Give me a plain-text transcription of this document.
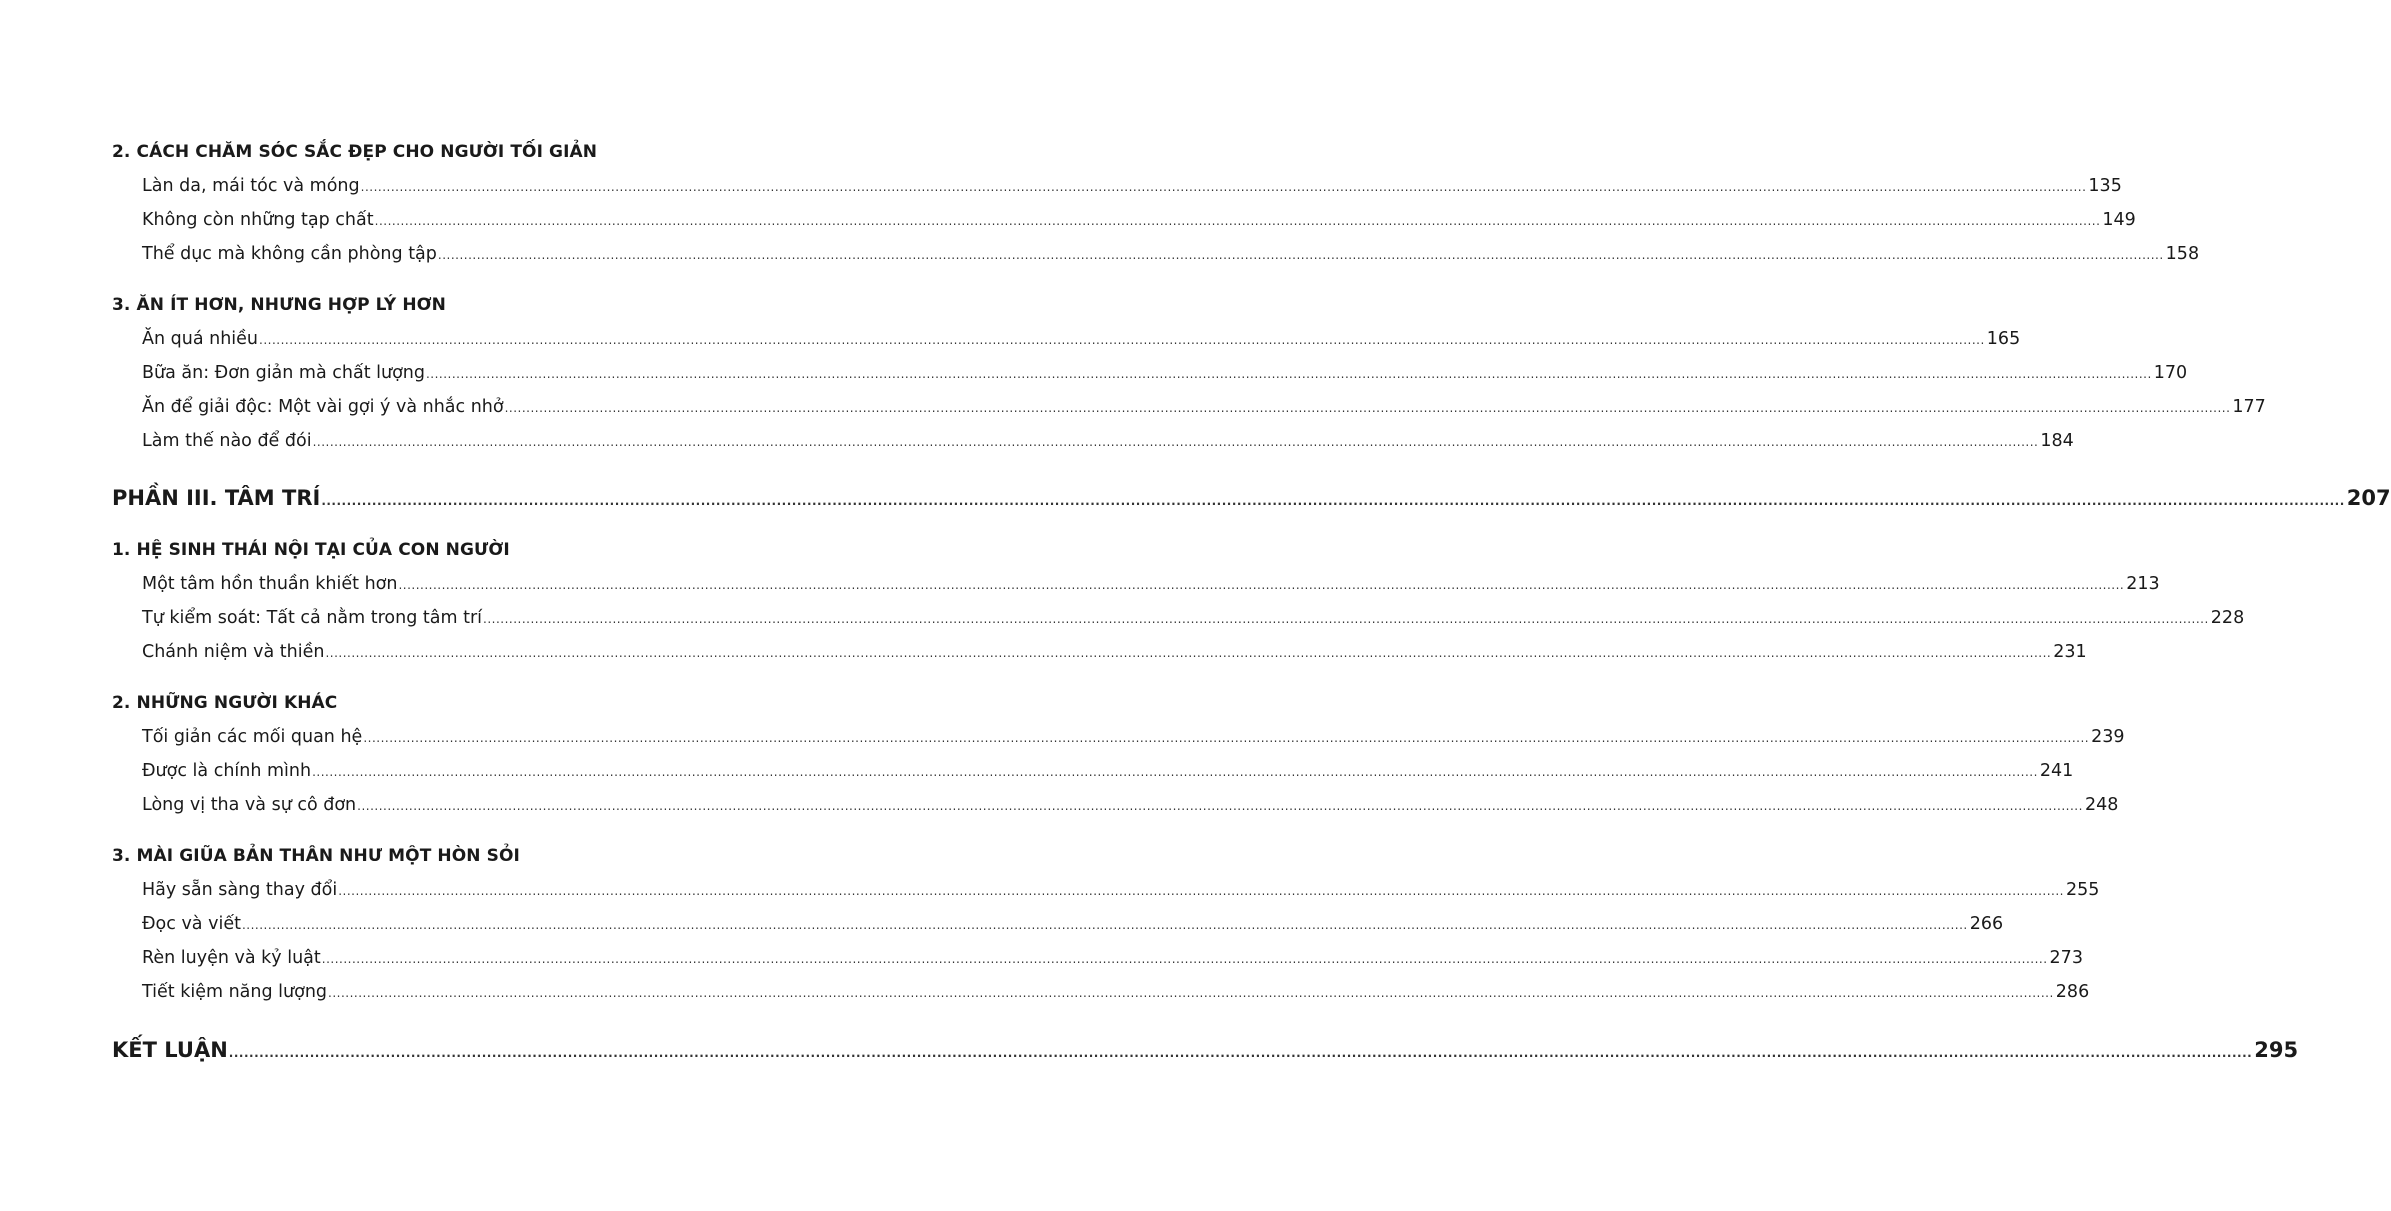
2. CÁCH CHĂM SÓC SẮC ĐẸP CHO NGƯỜI TỐI GIẢN
Làn da, mái tóc và móng ................................................................................................................................................................................................................................................................................................................................................................................................................ 135
Không còn những tạp chất ................................................................................................................................................................................................................................................................................................................................................................................................................ 149
Thể dục mà không cần phòng tập ................................................................................................................................................................................................................................................................................................................................................................................................................ 158
3. ĂN ÍT HƠN, NHƯNG HỢP LÝ HƠN
Ăn quá nhiều ................................................................................................................................................................................................................................................................................................................................................................................................................ 165
Bữa ăn: Đơn giản mà chất lượng ................................................................................................................................................................................................................................................................................................................................................................................................................ 170
Ăn để giải độc: Một vài gợi ý và nhắc nhở ................................................................................................................................................................................................................................................................................................................................................................................................................ 177
Làm thế nào để đói ................................................................................................................................................................................................................................................................................................................................................................................................................ 184
PHẦN III. TÂM TRÍ ................................................................................................................................................................................................................................................................................................................................................................................................................ 207
1. HỆ SINH THÁI NỘI TẠI CỦA CON NGƯỜI
Một tâm hồn thuần khiết hơn ................................................................................................................................................................................................................................................................................................................................................................................................................ 213
Tự kiểm soát: Tất cả nằm trong tâm trí ................................................................................................................................................................................................................................................................................................................................................................................................................ 228
Chánh niệm và thiền ................................................................................................................................................................................................................................................................................................................................................................................................................ 231
2. NHỮNG NGƯỜI KHÁC
Tối giản các mối quan hệ ................................................................................................................................................................................................................................................................................................................................................................................................................ 239
Được là chính mình ................................................................................................................................................................................................................................................................................................................................................................................................................ 241
Lòng vị tha và sự cô đơn ................................................................................................................................................................................................................................................................................................................................................................................................................ 248
3. MÀI GIŨA BẢN THÂN NHƯ MỘT HÒN SỎI
Hãy sẵn sàng thay đổi ................................................................................................................................................................................................................................................................................................................................................................................................................ 255
Đọc và viết ................................................................................................................................................................................................................................................................................................................................................................................................................ 266
Rèn luyện và kỷ luật ................................................................................................................................................................................................................................................................................................................................................................................................................ 273
Tiết kiệm năng lượng ................................................................................................................................................................................................................................................................................................................................................................................................................ 286
KẾT LUẬN ................................................................................................................................................................................................................................................................................................................................................................................................................ 295
